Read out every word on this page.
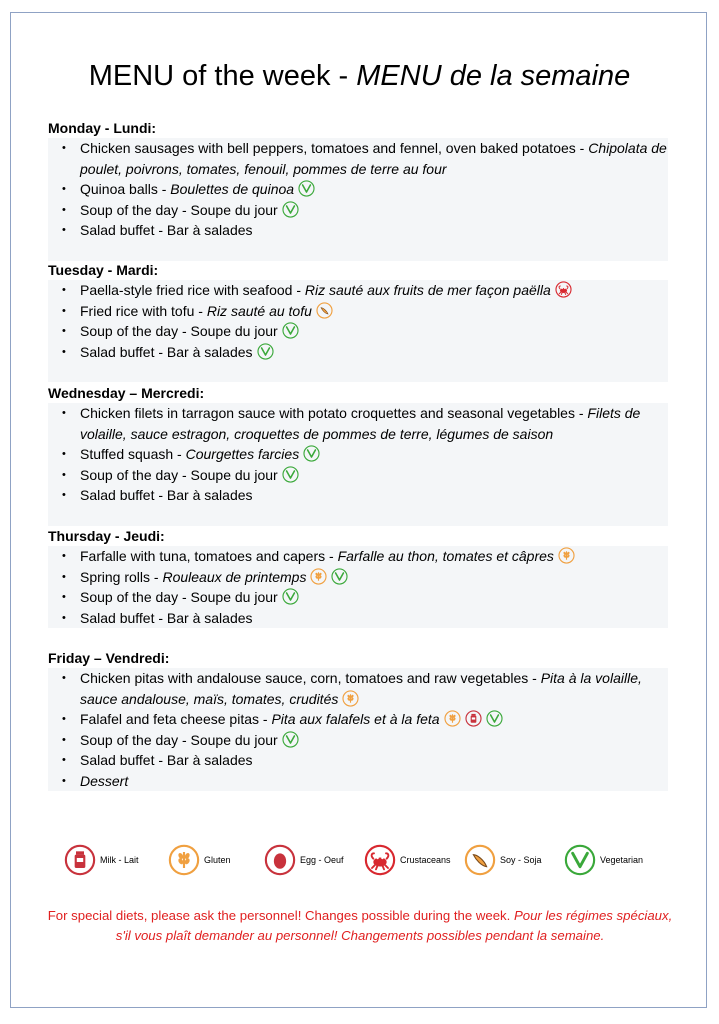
MENU of the week - MENU de la semaine
Monday - Lundi:
• Chicken sausages with bell peppers, tomatoes and fennel, oven baked potatoes - Chipolata de poulet, poivrons, tomates, fenouil, pommes de terre au four
• Quinoa balls - Boulettes de quinoa
• Soup of the day - Soupe du jour
• Salad buffet - Bar à salades
Tuesday - Mardi:
• Paella-style fried rice with seafood - Riz sauté aux fruits de mer façon paëlla
• Fried rice with tofu - Riz sauté au tofu
• Soup of the day - Soupe du jour
• Salad buffet - Bar à salades
Wednesday – Mercredi:
• Chicken filets in tarragon sauce with potato croquettes and seasonal vegetables - Filets de volaille, sauce estragon, croquettes de pommes de terre, légumes de saison
• Stuffed squash - Courgettes farcies
• Soup of the day - Soupe du jour
• Salad buffet - Bar à salades
Thursday - Jeudi:
• Farfalle with tuna, tomatoes and capers - Farfalle au thon, tomates et câpres
• Spring rolls - Rouleaux de printemps
• Soup of the day - Soupe du jour
• Salad buffet - Bar à salades
Friday – Vendredi:
• Chicken pitas with andalouse sauce, corn, tomatoes and raw vegetables - Pita à la volaille, sauce andalouse, maïs, tomates, crudités
• Falafel and feta cheese pitas - Pita aux falafels et à la feta
• Soup of the day - Soupe du jour
• Salad buffet - Bar à salades
• Dessert
Milk - Lait	Gluten	Egg - Oeuf	Crustaceans	Soy - Soja	Vegetarian
For special diets, please ask the personnel! Changes possible during the week. Pour les régimes spéciaux, s'il vous plaît demander au personnel! Changements possibles pendant la semaine.
